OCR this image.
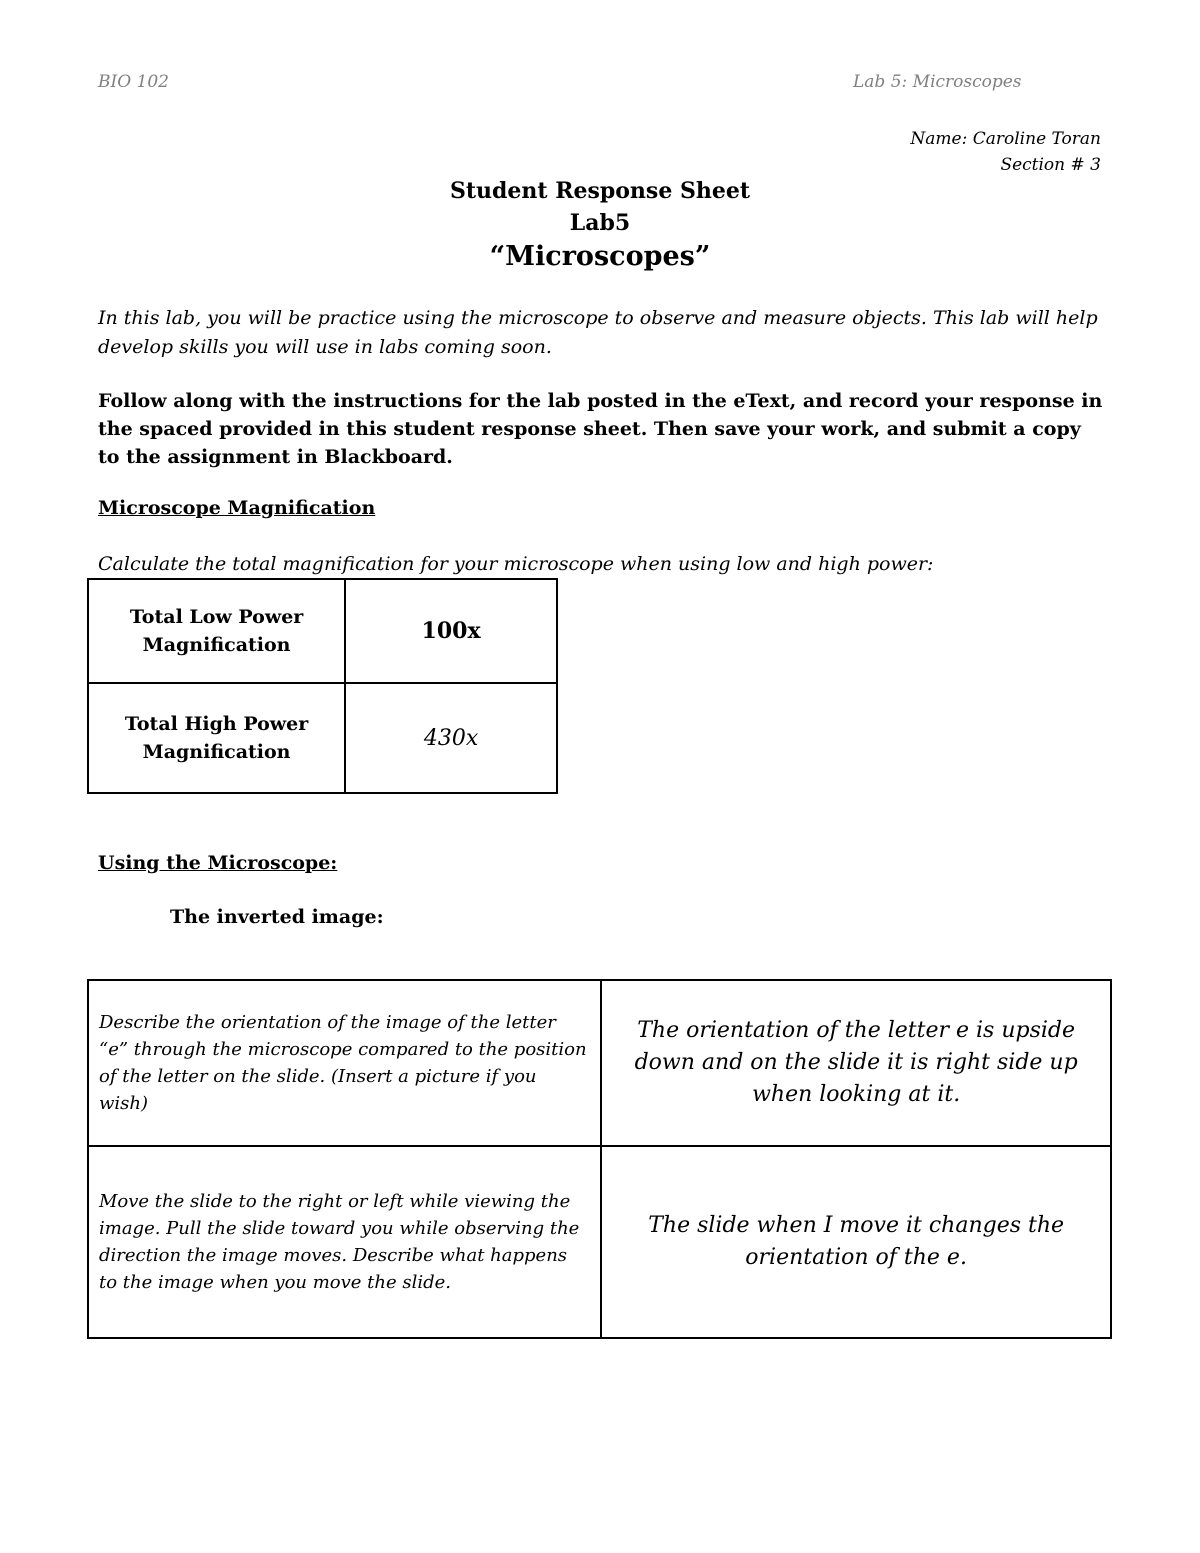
BIO 102	Lab 5: Microscopes
Name: Caroline Toran
Section # 3
Student Response Sheet
Lab5
“Microscopes”
In this lab, you will be practice using the microscope to observe and measure objects. This lab will help develop skills you will use in labs coming soon.
Follow along with the instructions for the lab posted in the eText, and record your response in the spaced provided in this student response sheet. Then save your work, and submit a copy to the assignment in Blackboard.
Microscope Magnification
Calculate the total magnification for your microscope when using low and high power:
Total Low Power Magnification	100x
Total High Power Magnification	430x
Using the Microscope:
The inverted image:
Describe the orientation of the image of the letter “e” through the microscope compared to the position of the letter on the slide. (Insert a picture if you wish)	The orientation of the letter e is upside down and on the slide it is right side up when looking at it.
Move the slide to the right or left while viewing the image. Pull the slide toward you while observing the direction the image moves. Describe what happens to the image when you move the slide.	The slide when I move it changes the orientation of the e.
